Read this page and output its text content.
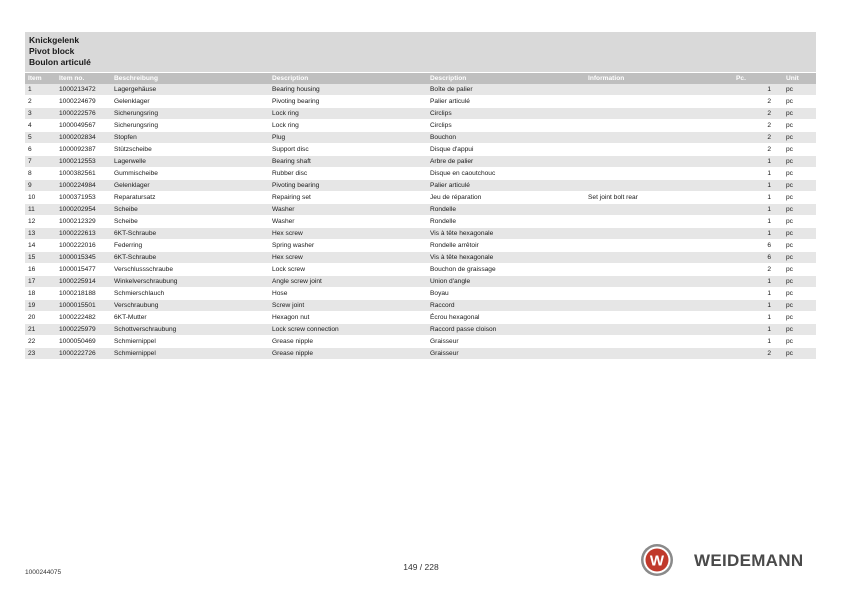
Knickgelenk
Pivot block
Boulon articulé
Item	Item no.	Beschreibung	Description	Description	Information	Pc.	Unit
1	1000213472	Lagergehäuse	Bearing housing	Boîte de palier		1	pc
2	1000224679	Gelenklager	Pivoting bearing	Palier articulé		2	pc
3	1000222576	Sicherungsring	Lock ring	Circlips		2	pc
4	1000049567	Sicherungsring	Lock ring	Circlips		2	pc
5	1000202834	Stopfen	Plug	Bouchon		2	pc
6	1000092387	Stützscheibe	Support disc	Disque d'appui		2	pc
7	1000212553	Lagerwelle	Bearing shaft	Arbre de palier		1	pc
8	1000382561	Gummischeibe	Rubber disc	Disque en caoutchouc		1	pc
9	1000224984	Gelenklager	Pivoting bearing	Palier articulé		1	pc
10	1000371953	Reparatursatz	Repairing set	Jeu de réparation	Set joint bolt rear	1	pc
11	1000202954	Scheibe	Washer	Rondelle		1	pc
12	1000212329	Scheibe	Washer	Rondelle		1	pc
13	1000222613	6KT-Schraube	Hex screw	Vis à tête hexagonale		1	pc
14	1000222016	Federring	Spring washer	Rondelle arrêtoir		6	pc
15	1000015345	6KT-Schraube	Hex screw	Vis à tête hexagonale		6	pc
16	1000015477	Verschlussschraube	Lock screw	Bouchon de graissage		2	pc
17	1000225914	Winkelverschraubung	Angle screw joint	Union d'angle		1	pc
18	1000218188	Schmierschlauch	Hose	Boyau		1	pc
19	1000015501	Verschraubung	Screw joint	Raccord		1	pc
20	1000222482	6KT-Mutter	Hexagon nut	Écrou hexagonal		1	pc
21	1000225979	Schottverschraubung	Lock screw connection	Raccord passe cloison		1	pc
22	1000050469	Schmiernippel	Grease nipple	Graisseur		1	pc
23	1000222726	Schmiernippel	Grease nipple	Graisseur		2	pc
1000244075
149 / 228	W WEIDEMANN
